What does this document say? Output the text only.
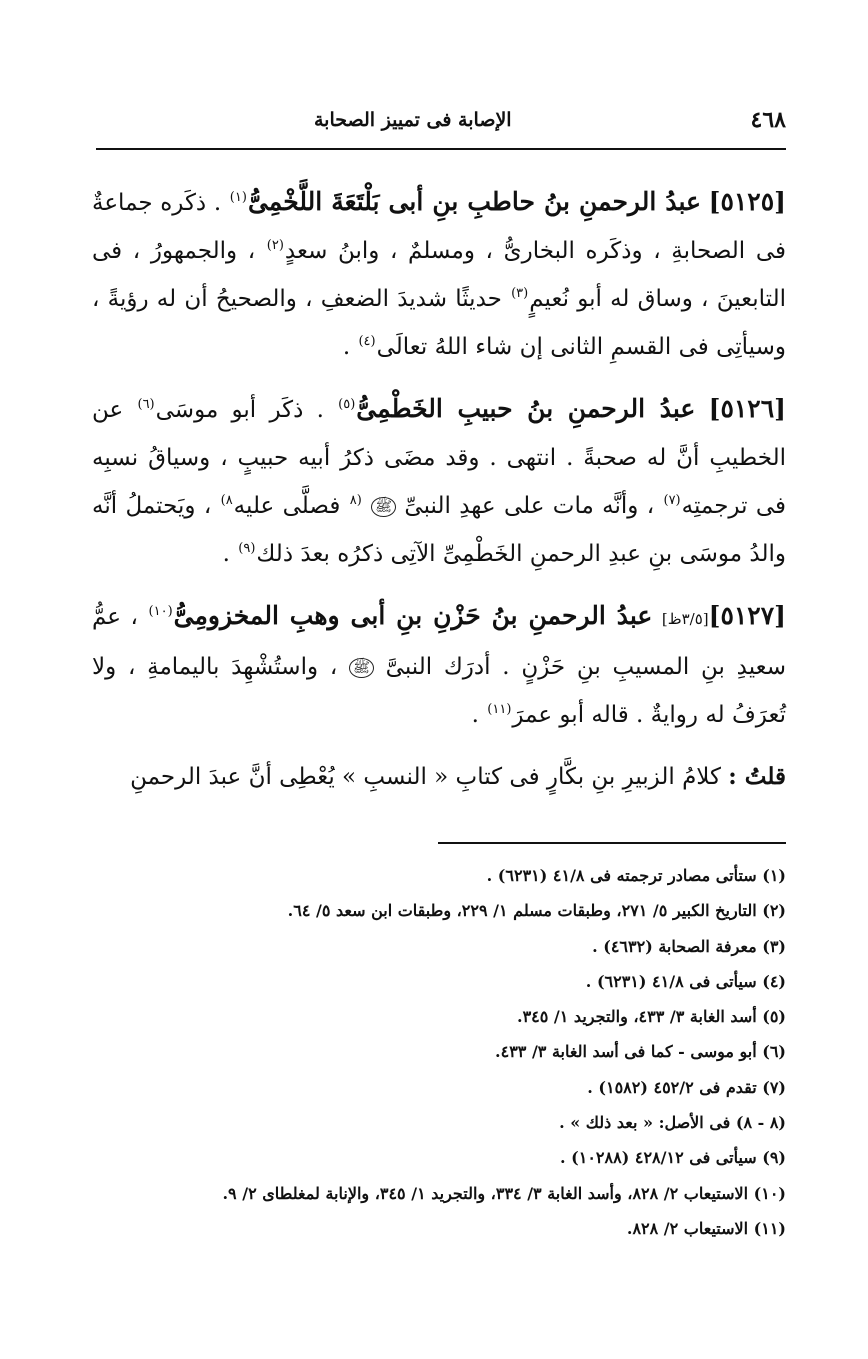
٤٦٨
الإصابة فى تمييز الصحابة

[٥١٢٥] عبدُ الرحمنِ بنُ حاطبِ بنِ أبى بَلْتَعَةَ اللَّخْمِىُّ$^{(١)}$ . ذكَره جماعةٌ فى الصحابةِ ، وذكَره البخارىُّ ، ومسلمٌ ، وابنُ سعدٍ$^{(٢)}$ ، والجمهورُ ، فى التابعينَ ، وساق له أبو نُعيمٍ$^{(٣)}$ حديثًا شديدَ الضعفِ ، والصحيحُ أن له رؤيةً ، وسيأتِى فى القسمِ الثانى إن شاء اللهُ تعالَى$^{(٤)}$ .

[٥١٢٦] عبدُ الرحمنِ بنُ حبيبِ الخَطْمِىُّ$^{(٥)}$ . ذكَر أبو موسَى$^{(٦)}$ عن الخطيبِ أنَّ له صحبةً . انتهى . وقد مضَى ذكرُ أبيه حبيبٍ ، وسياقُ نسبِه فى ترجمتِه$^{(٧)}$ ، وأنَّه مات على عهدِ النبىِّ ﷺ $^{(٨}$ فصلَّى عليه$^{٨)}$ ، ويَحتملُ أنَّه والدُ موسَى بنِ عبدِ الرحمنِ الخَطْمِىِّ الآتِى ذكرُه بعدَ ذلك$^{(٩)}$ .

[٥١٢٧][٣/٥ظ] عبدُ الرحمنِ بنُ حَزْنِ بنِ أبى وهبِ المخزومِىُّ$^{(١٠)}$ ، عمُّ سعيدِ بنِ المسيبِ بنِ حَزْنٍ . أدرَك النبىَّ ﷺ ، واستُشْهِدَ باليمامةِ ، ولا تُعرَفُ له روايةٌ . قاله أبو عمرَ$^{(١١)}$ .

قلتُ : كلامُ الزبيرِ بنِ بكَّارٍ فى كتابِ « النسبِ » يُعْطِى أنَّ عبدَ الرحمنِ

(١) ستأتى مصادر ترجمته فى ٤١/٨ (٦٢٣١) .
(٢) التاريخ الكبير ٥/ ٢٧١، وطبقات مسلم ١/ ٢٢٩، وطبقات ابن سعد ٥/ ٦٤.
(٣) معرفة الصحابة (٤٦٣٢) .
(٤) سيأتى فى ٤١/٨ (٦٢٣١) .
(٥) أسد الغابة ٣/ ٤٣٣، والتجريد ١/ ٣٤٥.
(٦) أبو موسى - كما فى أسد الغابة ٣/ ٤٣٣.
(٧) تقدم فى ٤٥٢/٢ (١٥٨٢) .
(٨ - ٨) فى الأصل: « بعد ذلك » .
(٩) سيأتى فى ٤٢٨/١٢ (١٠٢٨٨) .
(١٠) الاستيعاب ٢/ ٨٢٨، وأسد الغابة ٣/ ٣٣٤، والتجريد ١/ ٣٤٥، والإنابة لمغلطاى ٢/ ٩.
(١١) الاستيعاب ٢/ ٨٢٨.
